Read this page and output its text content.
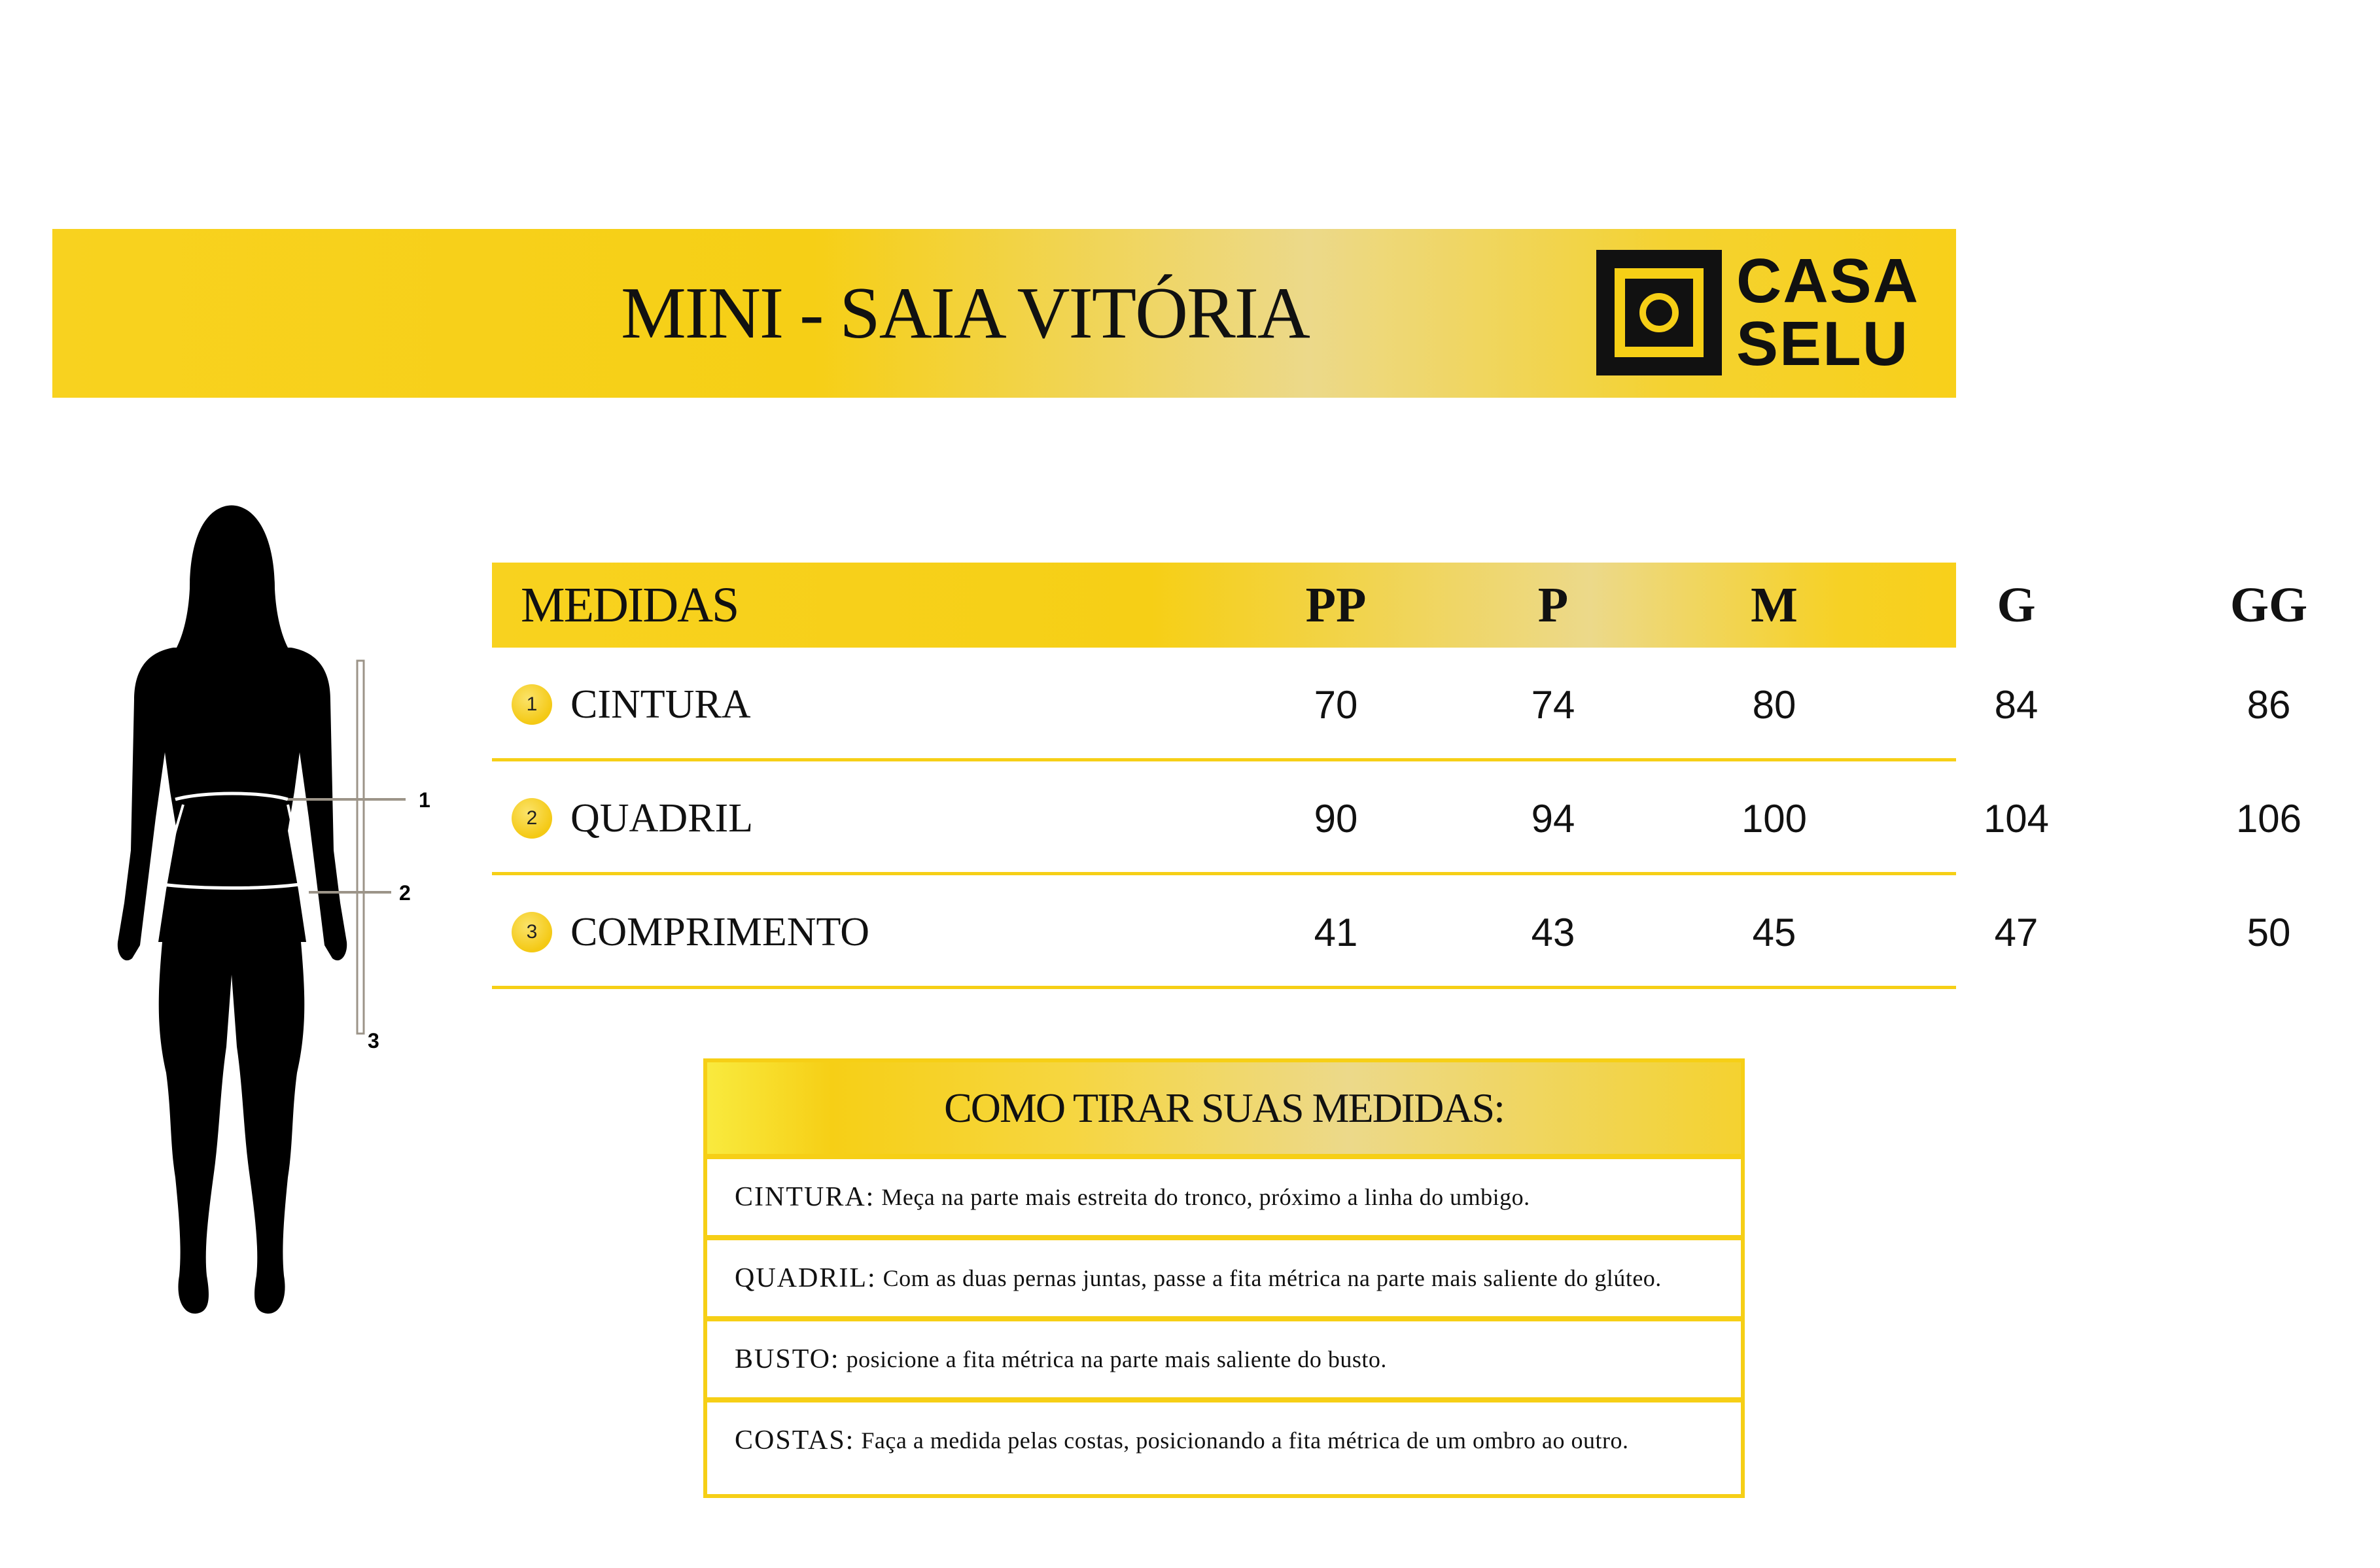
MINI - SAIA VITÓRIA	CASA
SELU
1
2
3
MEDIDAS	PP	P	M	G	GG
1 CINTURA	70	74	80	84	86
2 QUADRIL	90	94	100	104	106
3 COMPRIMENTO	41	43	45	47	50
COMO TIRAR SUAS MEDIDAS:
CINTURA: Meça na parte mais estreita do tronco, próximo a linha do umbigo.
QUADRIL: Com as duas pernas juntas, passe a fita métrica na parte mais saliente do glúteo.
BUSTO: posicione a fita métrica na parte mais saliente do busto.
COSTAS: Faça a medida pelas costas, posicionando a fita métrica de um ombro ao outro.
